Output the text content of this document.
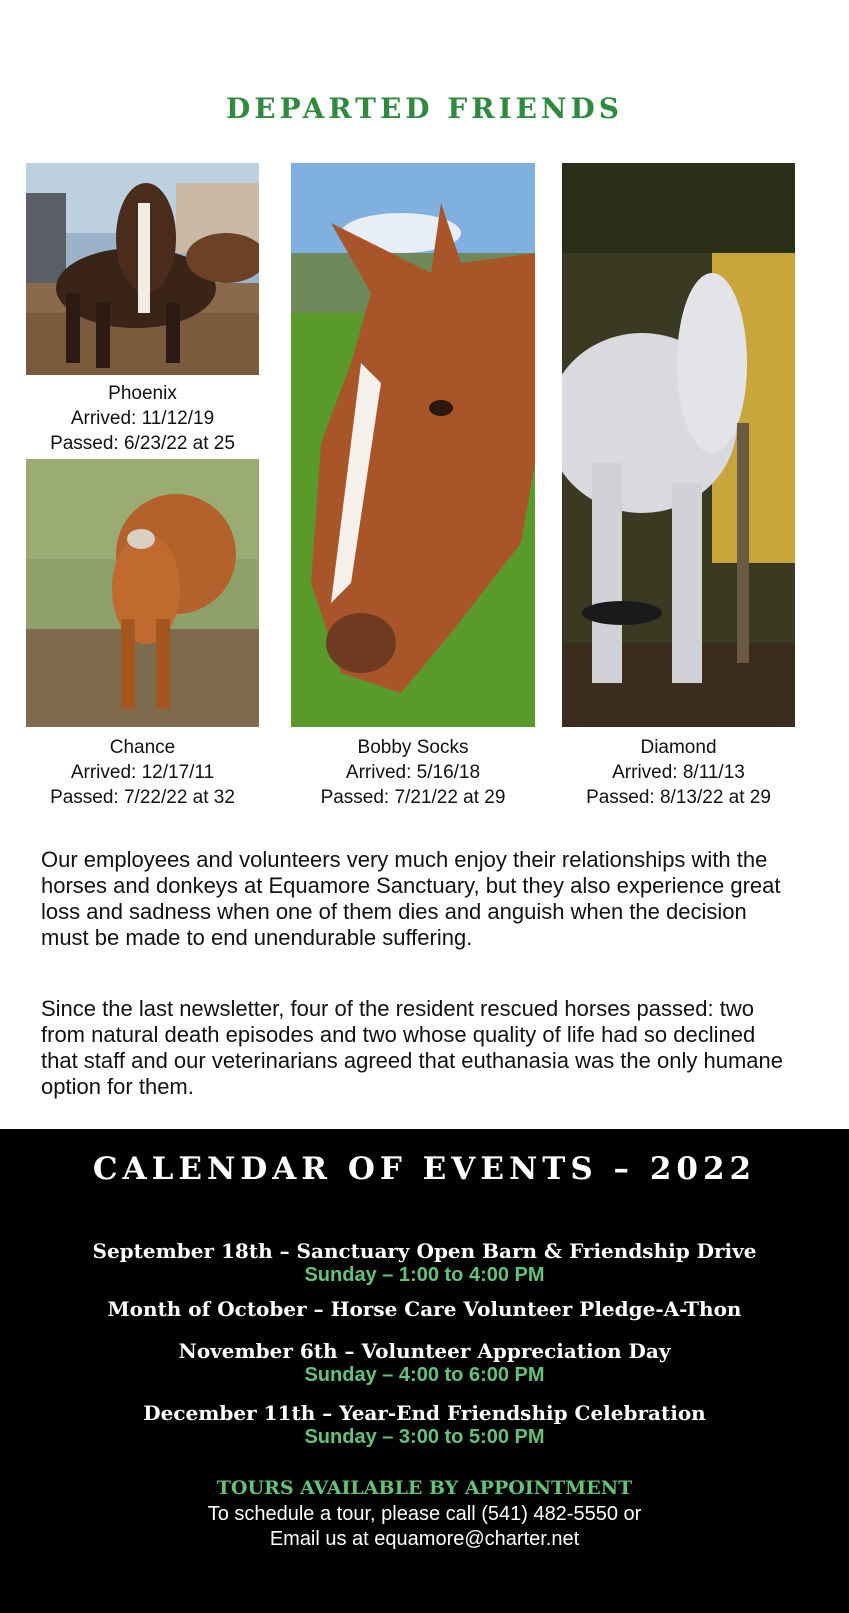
DEPARTED FRIENDS
Phoenix
Arrived: 11/12/19
Passed: 6/23/22 at 25
Chance
Arrived: 12/17/11
Passed: 7/22/22 at 32
Bobby Socks
Arrived: 5/16/18
Passed: 7/21/22 at 29
Diamond
Arrived: 8/11/13
Passed: 8/13/22 at 29

Our employees and volunteers very much enjoy their relationships with the horses and donkeys at Equamore Sanctuary, but they also experience great loss and sadness when one of them dies and anguish when the decision must be made to end unendurable suffering.

Since the last newsletter, four of the resident rescued horses passed: two from natural death episodes and two whose quality of life had so declined that staff and our veterinarians agreed that euthanasia was the only humane option for them.

CALENDAR OF EVENTS – 2022
September 18th – Sanctuary Open Barn & Friendship Drive
Sunday – 1:00 to 4:00 PM
Month of October – Horse Care Volunteer Pledge-A-Thon
November 6th – Volunteer Appreciation Day
Sunday – 4:00 to 6:00 PM
December 11th – Year-End Friendship Celebration
Sunday – 3:00 to 5:00 PM
TOURS AVAILABLE BY APPOINTMENT
To schedule a tour, please call (541) 482-5550 or
Email us at equamore@charter.net
